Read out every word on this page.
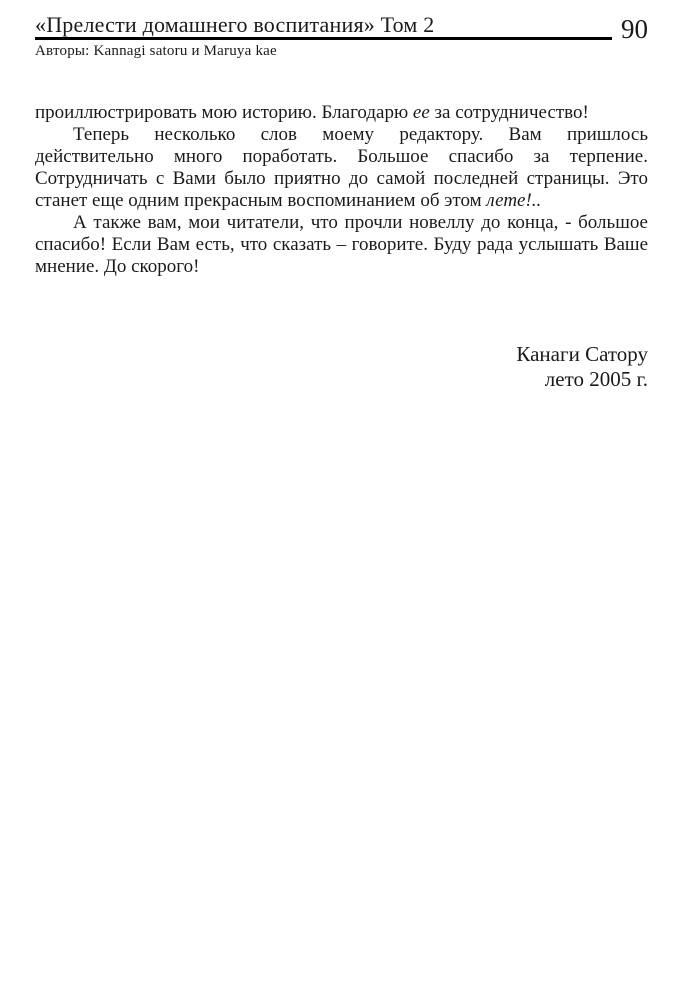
«Прелести домашнего воспитания» Том 2	90
Авторы: Kannagi satoru и Maruya kae

проиллюстрировать мою историю. Благодарю ее за сотрудничество!

Теперь несколько слов моему редактору. Вам пришлось действительно много поработать. Большое спасибо за терпение. Сотрудничать с Вами было приятно до самой последней страницы. Это станет еще одним прекрасным воспоминанием об этом лете!..

А также вам, мои читатели, что прочли новеллу до конца, - большое спасибо! Если Вам есть, что сказать – говорите. Буду рада услышать Ваше мнение. До скорого!

Канаги Сатору
лето 2005 г.
